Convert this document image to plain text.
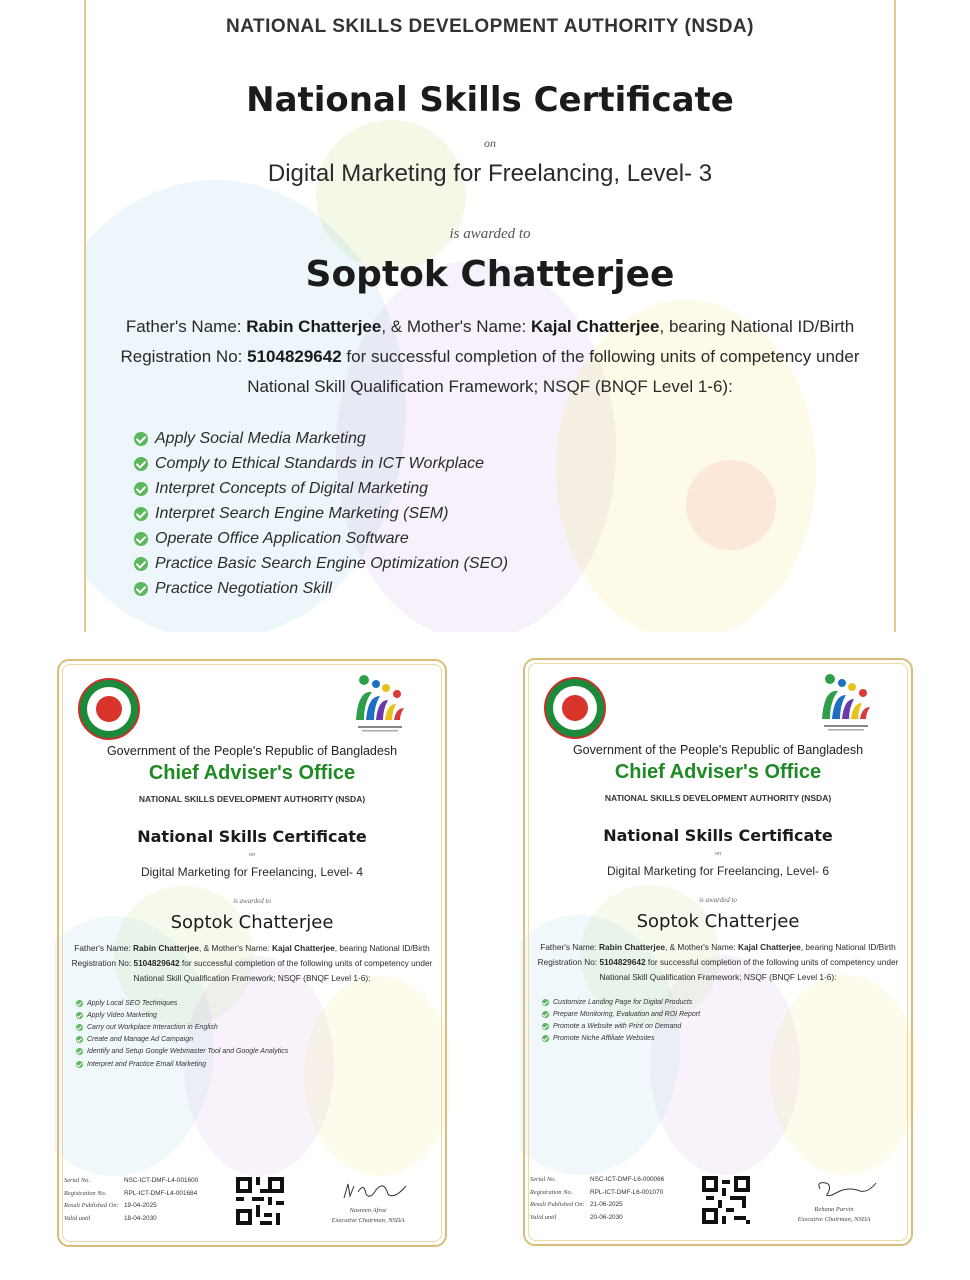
NATIONAL SKILLS DEVELOPMENT AUTHORITY (NSDA)
National Skills Certificate
on
Digital Marketing for Freelancing, Level- 3
is awarded to
Soptok Chatterjee
Father's Name: Rabin Chatterjee, & Mother's Name: Kajal Chatterjee, bearing National ID/Birth Registration No: 5104829642 for successful completion of the following units of competency under National Skill Qualification Framework; NSQF (BNQF Level 1-6):
Apply Social Media Marketing
Comply to Ethical Standards in ICT Workplace
Interpret Concepts of Digital Marketing
Interpret Search Engine Marketing (SEM)
Operate Office Application Software
Practice Basic Search Engine Optimization (SEO)
Practice Negotiation Skill
Government of the People's Republic of Bangladesh
Chief Adviser's Office
NATIONAL SKILLS DEVELOPMENT AUTHORITY (NSDA)
National Skills Certificate
on
Digital Marketing for Freelancing, Level- 4
is awarded to
Soptok Chatterjee
Father's Name: Rabin Chatterjee, & Mother's Name: Kajal Chatterjee, bearing National ID/Birth Registration No: 5104829642 for successful completion of the following units of competency under National Skill Qualification Framework; NSQF (BNQF Level 1-6):
Apply Local SEO Techniques
Apply Video Marketing
Carry out Workplace Interaction in English
Create and Manage Ad Campaign
Identify and Setup Google Webmaster Tool and Google Analytics
Interpret and Practice Email Marketing
Serial No.	NSC-ICT-DMF-L4-001600
Registration No.	RPL-ICT-DMF-L4-001684
Result Published On: 19-04-2025
Valid until	18-04-2030
Nasreen Afroz
Executive Chairman, NSDA
Government of the People's Republic of Bangladesh
Chief Adviser's Office
NATIONAL SKILLS DEVELOPMENT AUTHORITY (NSDA)
National Skills Certificate
on
Digital Marketing for Freelancing, Level- 6
is awarded to
Soptok Chatterjee
Father's Name: Rabin Chatterjee, & Mother's Name: Kajal Chatterjee, bearing National ID/Birth Registration No: 5104829642 for successful completion of the following units of competency under National Skill Qualification Framework; NSQF (BNQF Level 1-6):
Customize Landing Page for Digital Products
Prepare Monitoring, Evaluation and ROI Report
Promote a Website with Print on Demand
Promote Niche Affiliate Websites
Serial No.	NSC-ICT-DMF-L6-000066
Registration No.	RPL-ICT-DMF-L6-001070
Result Published On: 21-06-2025
Valid until	20-06-2030
Rehana Parvin
Executive Chairman, NSDA
